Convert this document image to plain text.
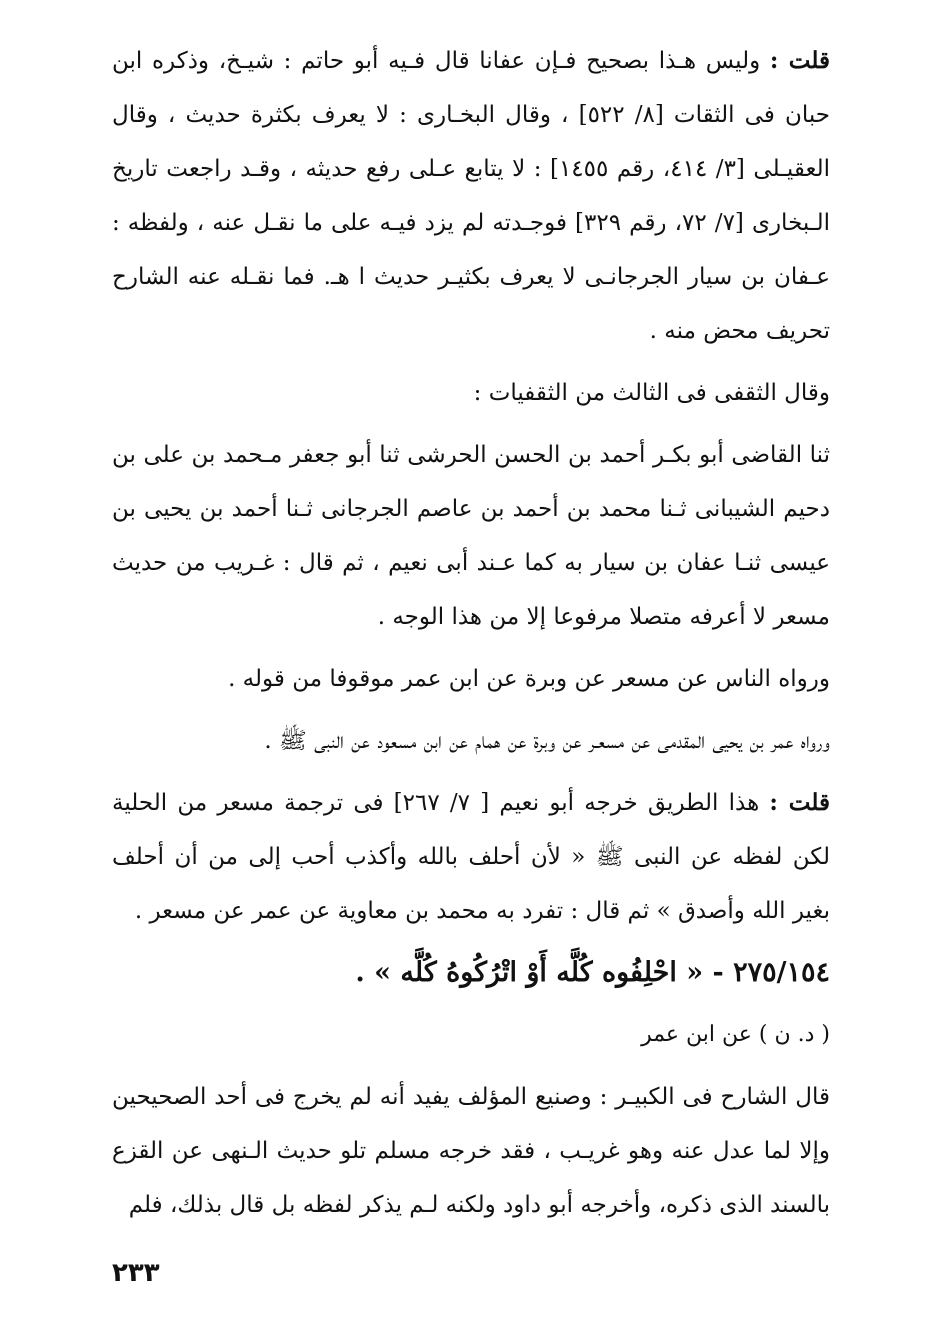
قلت : وليس هـذا بصحيح فـإن عفانا قال فـيه أبو حاتم : شيـخ، وذكره ابن حبان فى الثقات [٨/ ٥٢٢] ، وقال البخـارى : لا يعرف بكثرة حديث ، وقال العقيـلى [٣/ ٤١٤، رقم ١٤٥٥] : لا يتابع عـلى رفع حديثه ، وقـد راجعت تاريخ الـبخارى [٧/ ٧٢، رقم ٣٢٩] فوجـدته لم يزد فيـه على ما نقـل عنه ، ولفظه : عـفان بن سيار الجرجانـى لا يعرف بكثيـر حديث ا هـ. فما نقـله عنه الشارح تحريف محض منه .

وقال الثقفى فى الثالث من الثقفيات :

ثنا القاضى أبو بكـر أحمد بن الحسن الحرشى ثنا أبو جعفر مـحمد بن على بن دحيم الشيبانى ثـنا محمد بن أحمد بن عاصم الجرجانى ثـنا أحمد بن يحيى بن عيسى ثنـا عفان بن سيار به كما عـند أبى نعيم ، ثم قال : غـريب من حديث مسعر لا أعرفه متصلا مرفوعا إلا من هذا الوجه .

ورواه الناس عن مسعر عن وبرة عن ابن عمر موقوفا من قوله .

ورواه عمر بن يحيى المقدمى عن مسعـر عن وبرة عن همام عن ابن مسعود عن النبى ﷺ .

قلت : هذا الطريق خرجه أبو نعيم [ ٧/ ٢٦٧] فى ترجمة مسعر من الحلية لكن لفظه عن النبى ﷺ « لأن أحلف بالله وأكذب أحب إلى من أن أحلف بغير الله وأصدق » ثم قال : تفرد به محمد بن معاوية عن عمر عن مسعر .

٢٧٥/١٥٤ - « احْلِفُوه كُلَّه أَوْ اتْرُكُوهُ كُلَّه » .

( د. ن ) عن ابن عمر

قال الشارح فى الكبيـر : وصنيع المؤلف يفيد أنه لم يخرج فى أحد الصحيحين وإلا لما عدل عنه وهو غريـب ، فقد خرجه مسلم تلو حديث الـنهى عن القزع بالسند الذى ذكره، وأخرجه أبو داود ولكنه لـم يذكر لفظه بل قال بذلك، فلم

٢٣٣
